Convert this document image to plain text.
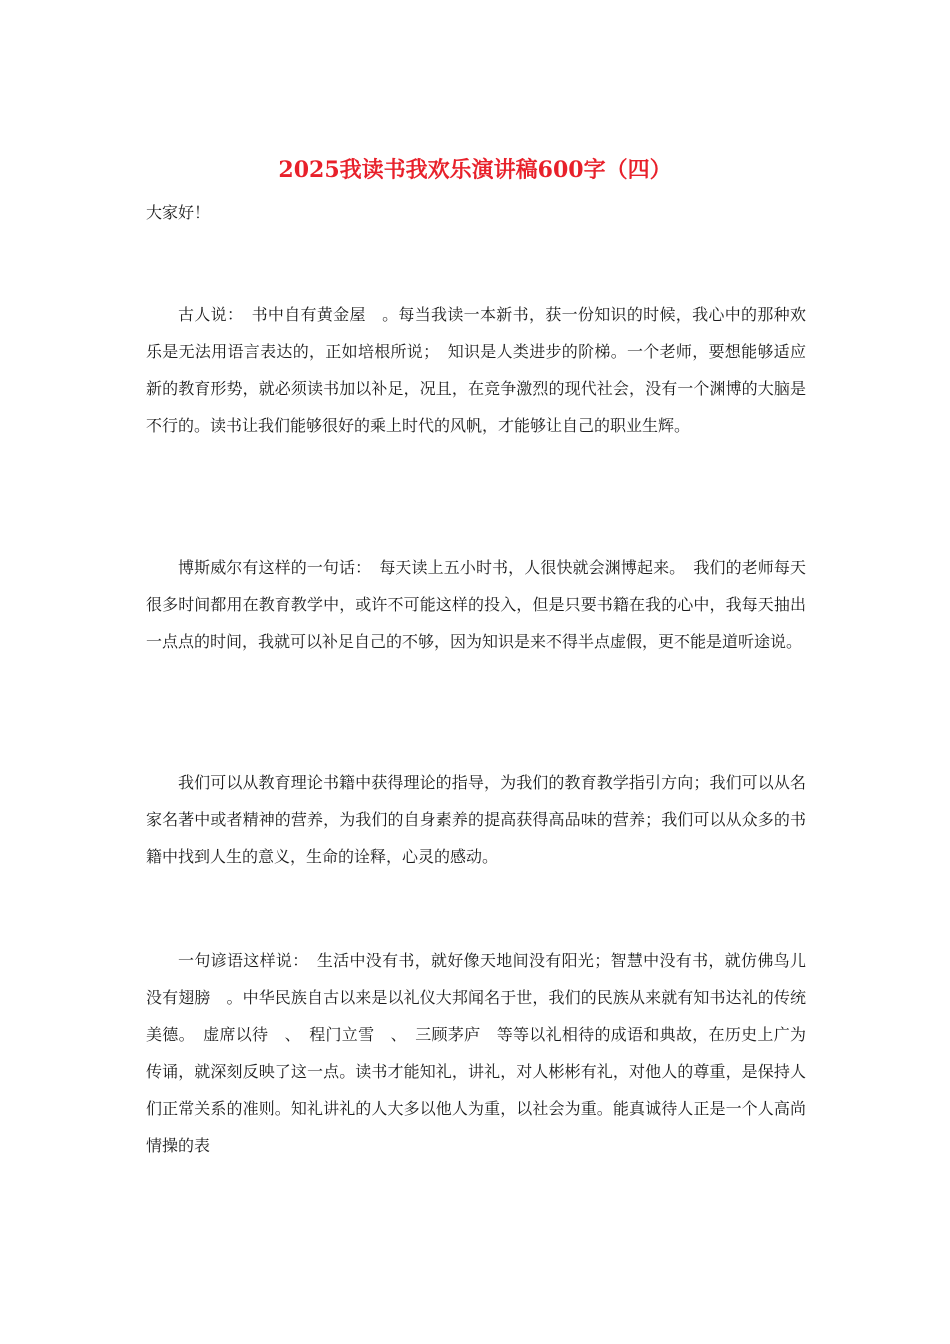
2025我读书我欢乐演讲稿600字（四）

大家好！

古人说：　书中自有黄金屋　。每当我读一本新书，获一份知识的时候，我心中的那种欢乐是无法用语言表达的，正如培根所说；　知识是人类进步的阶梯。一个老师，要想能够适应新的教育形势，就必须读书加以补足，况且，在竞争激烈的现代社会，没有一个渊博的大脑是不行的。读书让我们能够很好的乘上时代的风帆，才能够让自己的职业生辉。

博斯威尔有这样的一句话：　每天读上五小时书，人很快就会渊博起来。　我们的老师每天很多时间都用在教育教学中，或许不可能这样的投入，但是只要书籍在我的心中，我每天抽出一点点的时间，我就可以补足自己的不够，因为知识是来不得半点虚假，更不能是道听途说。

我们可以从教育理论书籍中获得理论的指导，为我们的教育教学指引方向；我们可以从名家名著中或者精神的营养，为我们的自身素养的提高获得高品味的营养；我们可以从众多的书籍中找到人生的意义，生命的诠释，心灵的感动。

一句谚语这样说：　生活中没有书，就好像天地间没有阳光；智慧中没有书，就仿佛鸟儿没有翅膀　。中华民族自古以来是以礼仪大邦闻名于世，我们的民族从来就有知书达礼的传统美德。　虚席以待　、　程门立雪　、　三顾茅庐　等等以礼相待的成语和典故，在历史上广为传诵，就深刻反映了这一点。读书才能知礼，讲礼，对人彬彬有礼，对他人的尊重，是保持人们正常关系的准则。知礼讲礼的人大多以他人为重，以社会为重。能真诚待人正是一个人高尚情操的表
